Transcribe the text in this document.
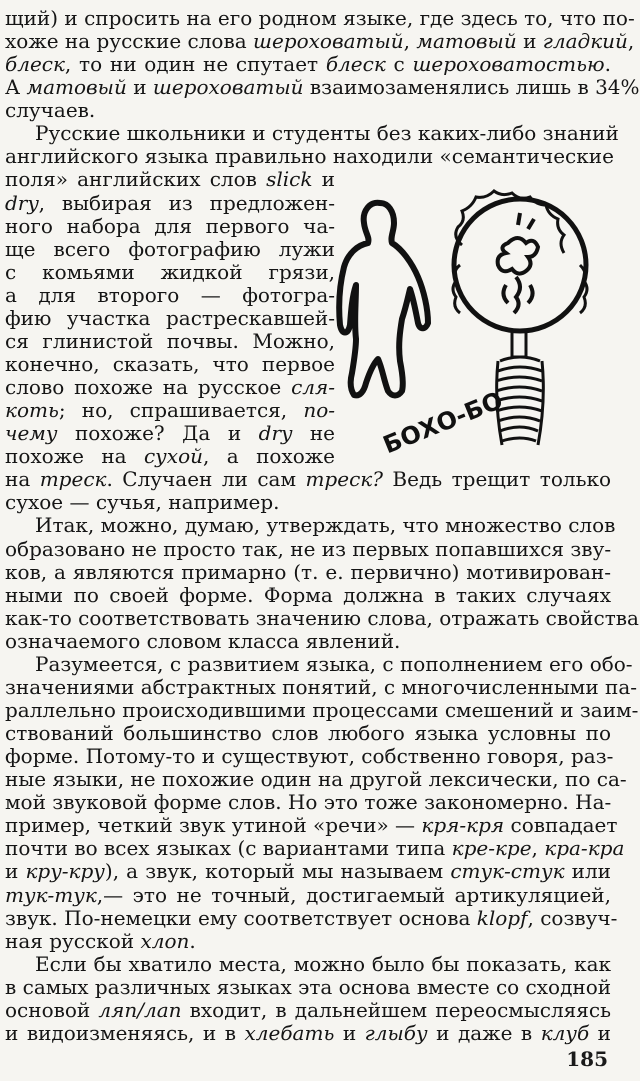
щий) и спросить на его родном языке, где здесь то, что по-
хоже на русские слова шероховатый, матовый и гладкий,
блеск, то ни один не спутает блеск с шероховатостью.
А матовый и шероховатый взаимозаменялись лишь в 34%
случаев.
Русские школьники и студенты без каких-либо знаний
английского языка правильно находили «семантические
поля» английских слов slick и
dry, выбирая из предложен-
ного набора для первого ча-
ще всего фотографию лужи
с комьями жидкой грязи,
а для второго — фотогра-
фию участка растрескавшей-
ся глинистой почвы. Можно,
конечно, сказать, что первое
слово похоже на русское сля-
коть; но, спрашивается, по-
чему похоже? Да и dry не
похоже на сухой, а похоже
на треск. Случаен ли сам треск? Ведь трещит только
сухое — сучья, например.
Итак, можно, думаю, утверждать, что множество слов
образовано не просто так, не из первых попавшихся зву-
ков, а являются примарно (т. е. первично) мотивирован-
ными по своей форме. Форма должна в таких случаях
как-то соответствовать значению слова, отражать свойства
означаемого словом класса явлений.
Разумеется, с развитием языка, с пополнением его обо-
значениями абстрактных понятий, с многочисленными па-
раллельно происходившими процессами смешений и заим-
ствований большинство слов любого языка условны по
форме. Потому-то и существуют, собственно говоря, раз-
ные языки, не похожие один на другой лексически, по са-
мой звуковой форме слов. Но это тоже закономерно. На-
пример, четкий звук утиной «речи» — кря-кря совпадает
почти во всех языках (с вариантами типа кре-кре, кра-кра
и кру-кру), а звук, который мы называем стук-стук или
тук-тук,— это не точный, достигаемый артикуляцией,
звук. По-немецки ему соответствует основа klopf, созвуч-
ная русской хлоп.
Если бы хватило места, можно было бы показать, как
в самых различных языках эта основа вместе со сходной
основой ляп/лап входит, в дальнейшем переосмысляясь
и видоизменяясь, и в хлебать и глыбу и даже в клуб и
БОХО-БО
185
